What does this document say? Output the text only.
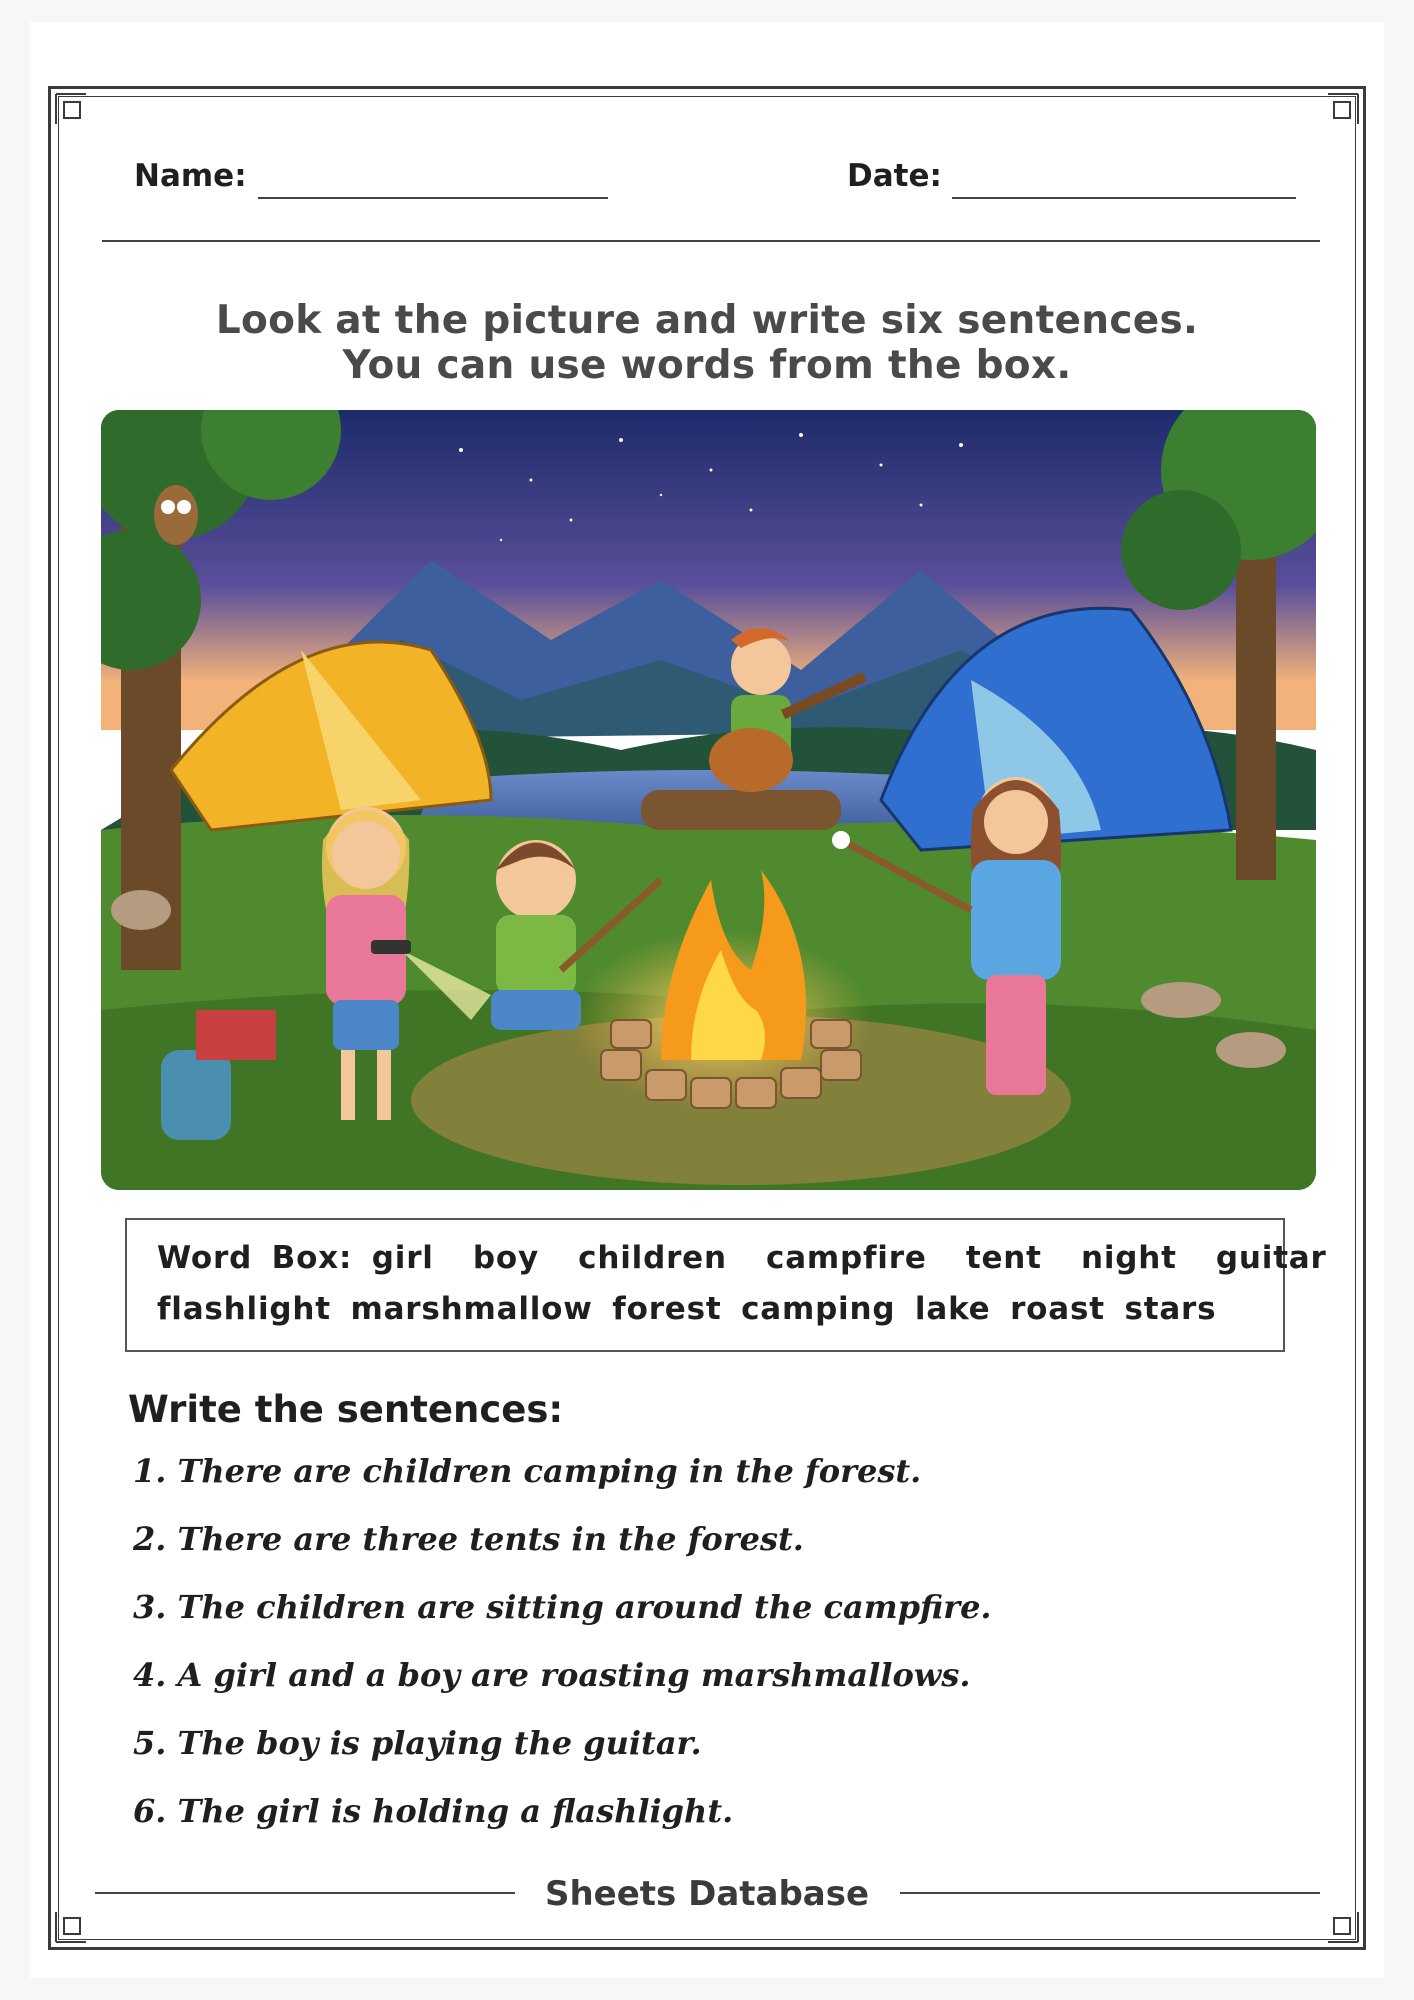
Name:	Date:
Look at the picture and write six sentences.
You can use words from the box.
Word Box: girl  boy  children  campfire  tent  night  guitar
flashlight marshmallow forest camping lake roast stars
Write the sentences:
1. There are children camping in the forest.
2. There are three tents in the forest.
3. The children are sitting around the campfire.
4. A girl and a boy are roasting marshmallows.
5. The boy is playing the guitar.
6. The girl is holding a flashlight.
Sheets Database
